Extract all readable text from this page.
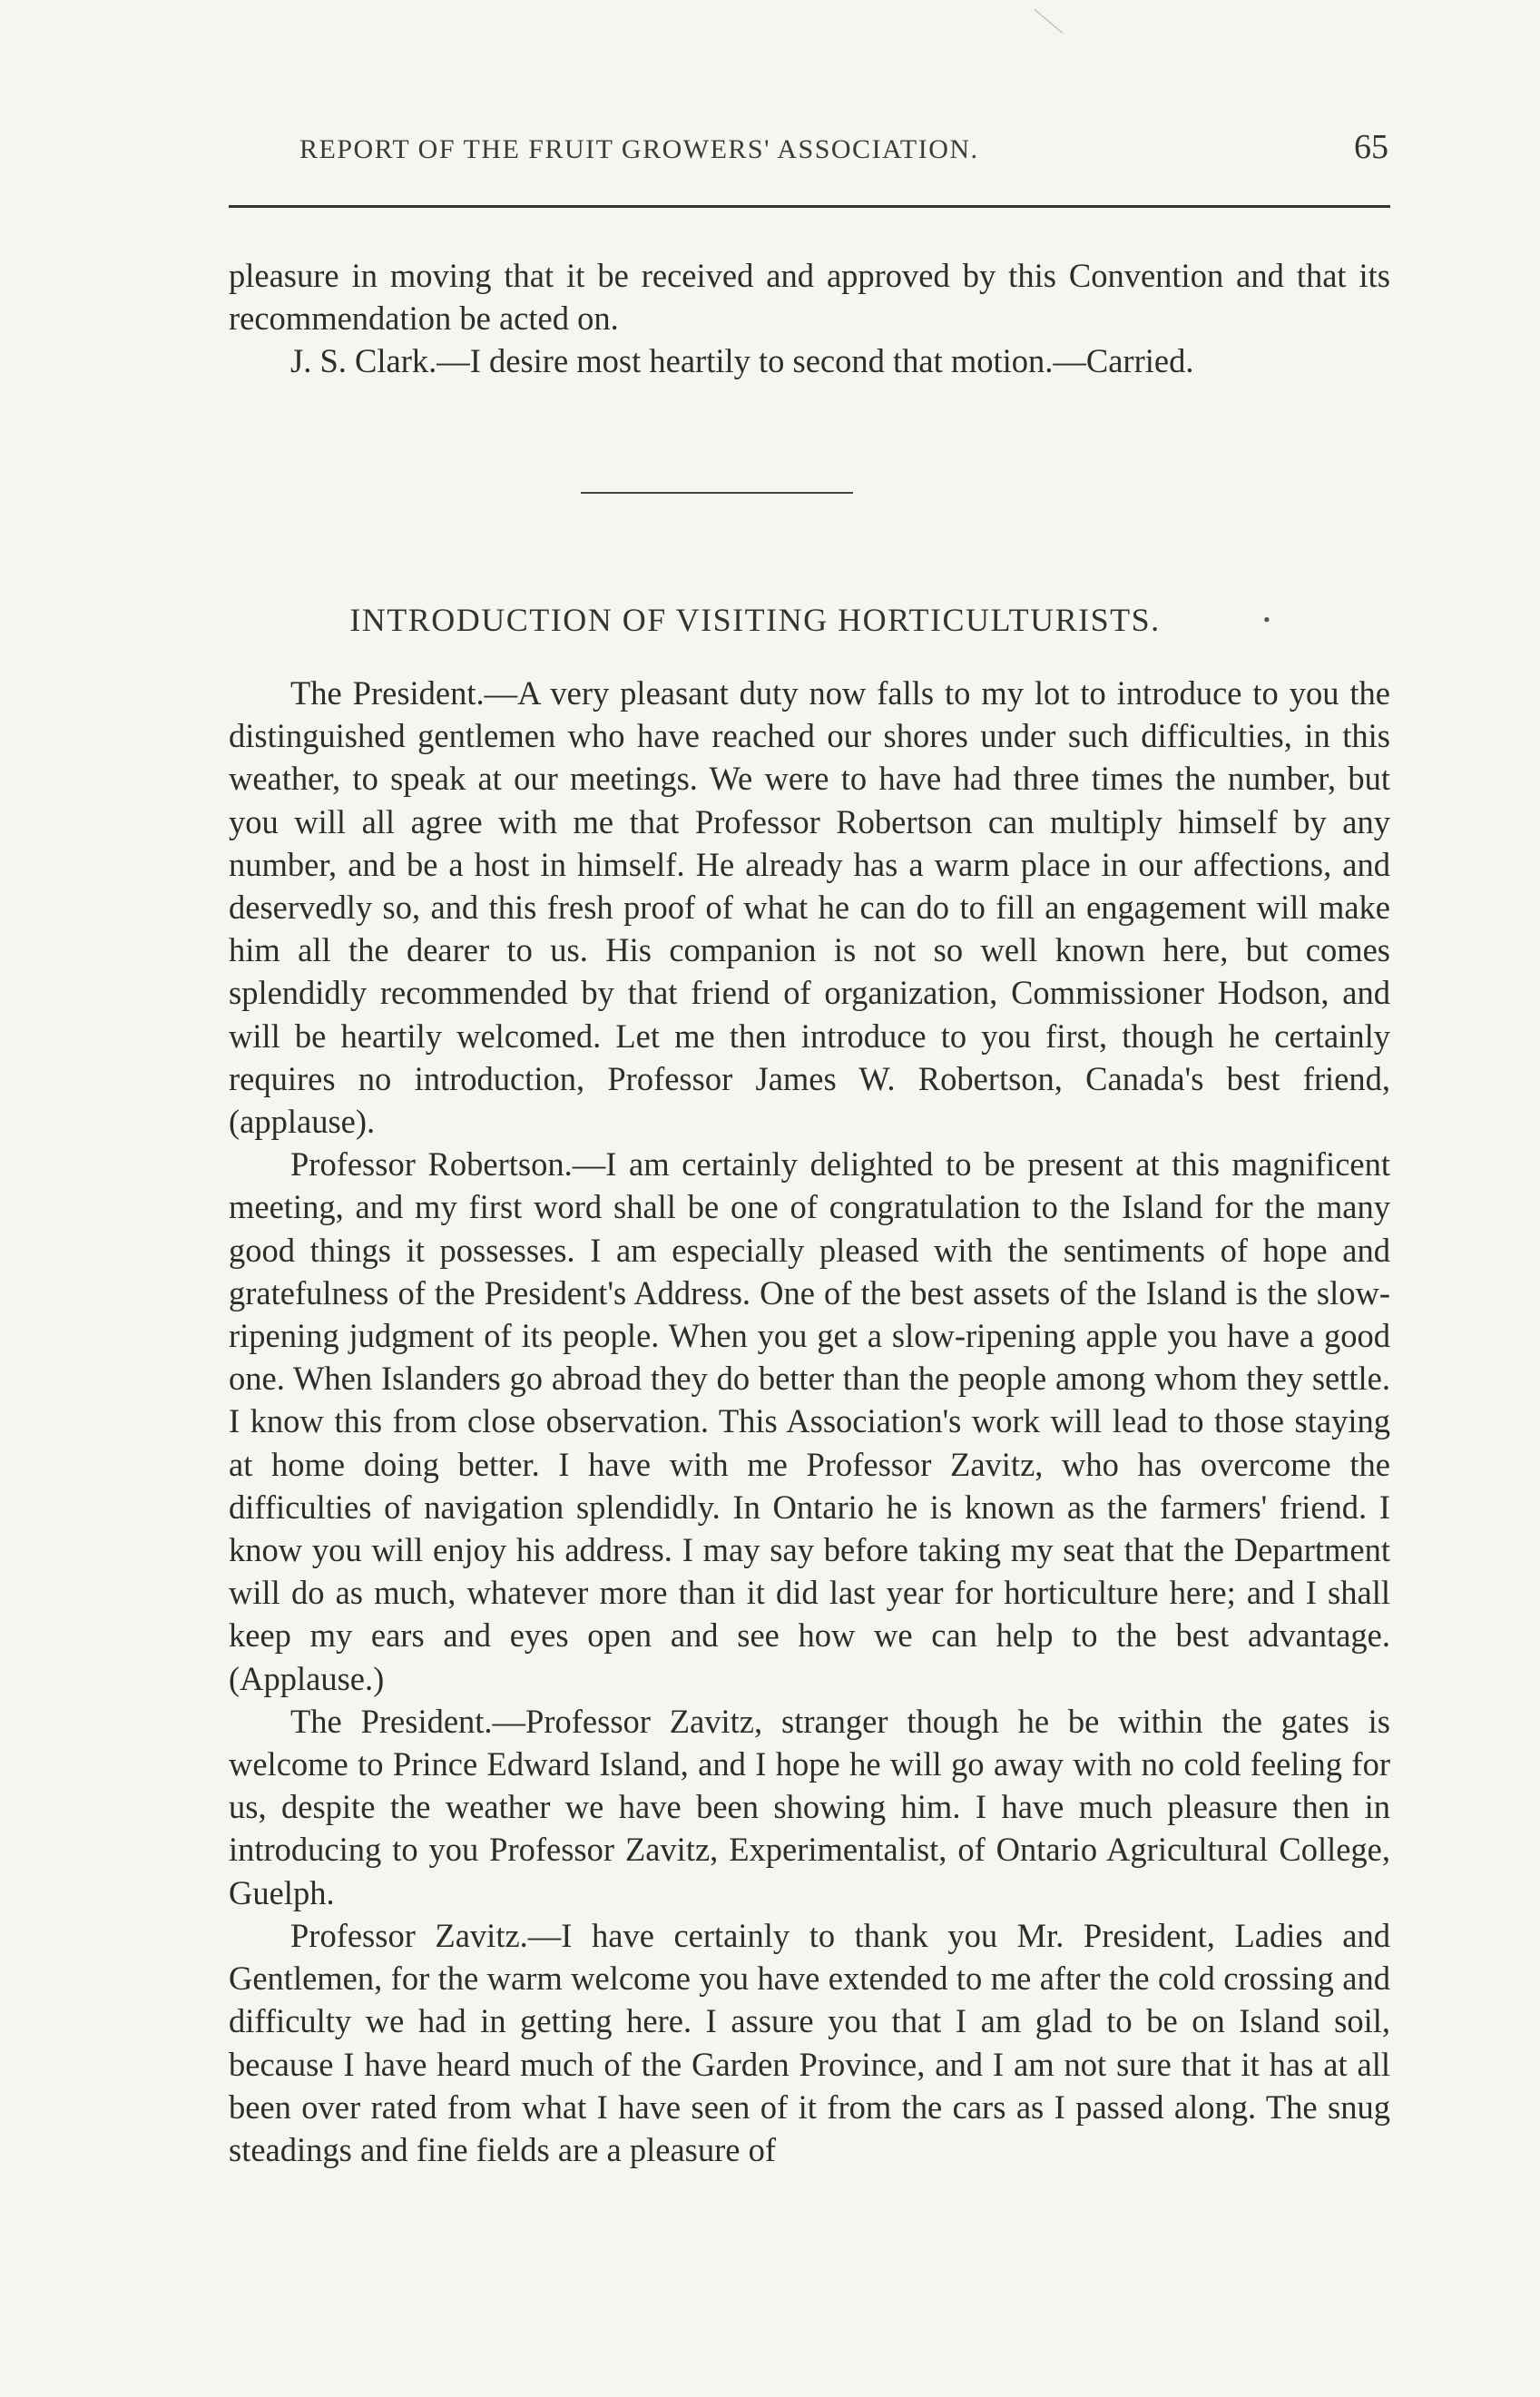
REPORT OF THE FRUIT GROWERS' ASSOCIATION.	65

pleasure in moving that it be received and approved by this Convention and that its recommendation be acted on.

J. S. Clark.—I desire most heartily to second that motion.—Carried.

INTRODUCTION OF VISITING HORTICULTURISTS.	•

The President.—A very pleasant duty now falls to my lot to introduce to you the distinguished gentlemen who have reached our shores under such difficulties, in this weather, to speak at our meetings. We were to have had three times the number, but you will all agree with me that Professor Robertson can multiply himself by any number, and be a host in himself. He already has a warm place in our affections, and deservedly so, and this fresh proof of what he can do to fill an engagement will make him all the dearer to us. His companion is not so well known here, but comes splendidly recommended by that friend of organization, Commissioner Hodson, and will be heartily welcomed. Let me then introduce to you first, though he certainly requires no introduction, Professor James W. Robertson, Canada's best friend, (applause).

Professor Robertson.—I am certainly delighted to be present at this magnificent meeting, and my first word shall be one of congratulation to the Island for the many good things it possesses. I am especially pleased with the sentiments of hope and gratefulness of the President's Address. One of the best assets of the Island is the slow-ripening judgment of its people. When you get a slow-ripening apple you have a good one. When Islanders go abroad they do better than the people among whom they settle. I know this from close observation. This Association's work will lead to those staying at home doing better. I have with me Professor Zavitz, who has overcome the difficulties of navigation splendidly. In Ontario he is known as the farmers' friend. I know you will enjoy his address. I may say before taking my seat that the Department will do as much, whatever more than it did last year for horticulture here; and I shall keep my ears and eyes open and see how we can help to the best advantage. (Applause.)

The President.—Professor Zavitz, stranger though he be within the gates is welcome to Prince Edward Island, and I hope he will go away with no cold feeling for us, despite the weather we have been showing him. I have much pleasure then in introducing to you Professor Zavitz, Experimentalist, of Ontario Agricultural College, Guelph.

Professor Zavitz.—I have certainly to thank you Mr. President, Ladies and Gentlemen, for the warm welcome you have extended to me after the cold crossing and difficulty we had in getting here. I assure you that I am glad to be on Island soil, because I have heard much of the Garden Province, and I am not sure that it has at all been over rated from what I have seen of it from the cars as I passed along. The snug steadings and fine fields are a pleasure of
